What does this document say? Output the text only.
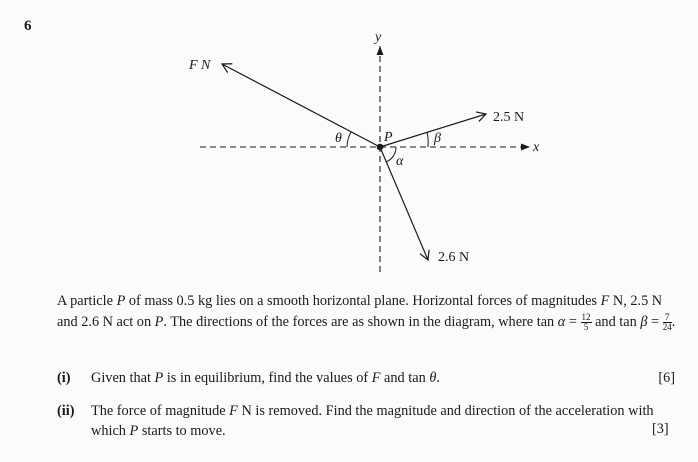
6
F N
2.5 N
2.6 N
x
y
P
θ	β
α
A particle P of mass 0.5 kg lies on a smooth horizontal plane. Horizontal forces of magnitudes F N, 2.5 N and 2.6 N act on P. The directions of the forces are as shown in the diagram, where $\tan \alpha = \frac{12}{5}$ and $\tan \beta = \frac{7}{24}$ .
(i) Given that P is in equilibrium, find the values of F and tan θ.	[6]
(ii) The force of magnitude F N is removed. Find the magnitude and direction of the acceleration with which P starts to move.	[3]
